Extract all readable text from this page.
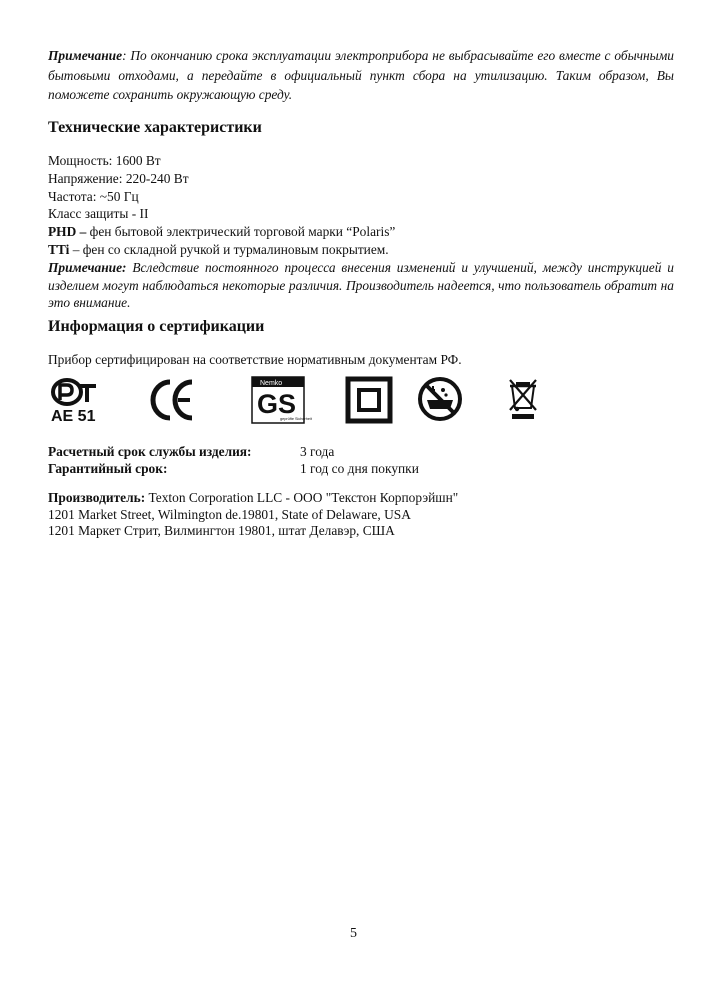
Примечание: По окончанию срока эксплуатации электроприбора не выбрасывайте его вместе с обычными бытовыми отходами, а передайте в официальный пункт сбора на утилизацию. Таким образом, Вы поможете сохранить окружающую среду.
Технические характеристики
Мощность: 1600 Вт
Напряжение: 220-240 Вт
Частота: ~50 Гц
Класс защиты - II
PHD – фен бытовой электрический торговой марки “Polaris”
TTi – фен со складной ручкой и турмалиновым покрытием.
Примечание: Вследствие постоянного процесса внесения изменений и улучшений, между инструкцией и изделием могут наблюдаться некоторые различия. Производитель надеется, что пользователь обратит на это внимание.
Информация о сертификации
Прибор сертифицирован на соответствие нормативным документам РФ.
AE 51
Nemko
GS
geprüfte Sicherheit
Расчетный срок службы изделия:	3 года
Гарантийный срок:	1 год со дня покупки
Производитель: Texton Corporation LLC - ООО "Текстон Корпорэйшн"
1201 Market Street, Wilmington de.19801, State of Delaware, USA
1201 Маркет Стрит, Вилмингтон 19801, штат Делавэр, США
5
